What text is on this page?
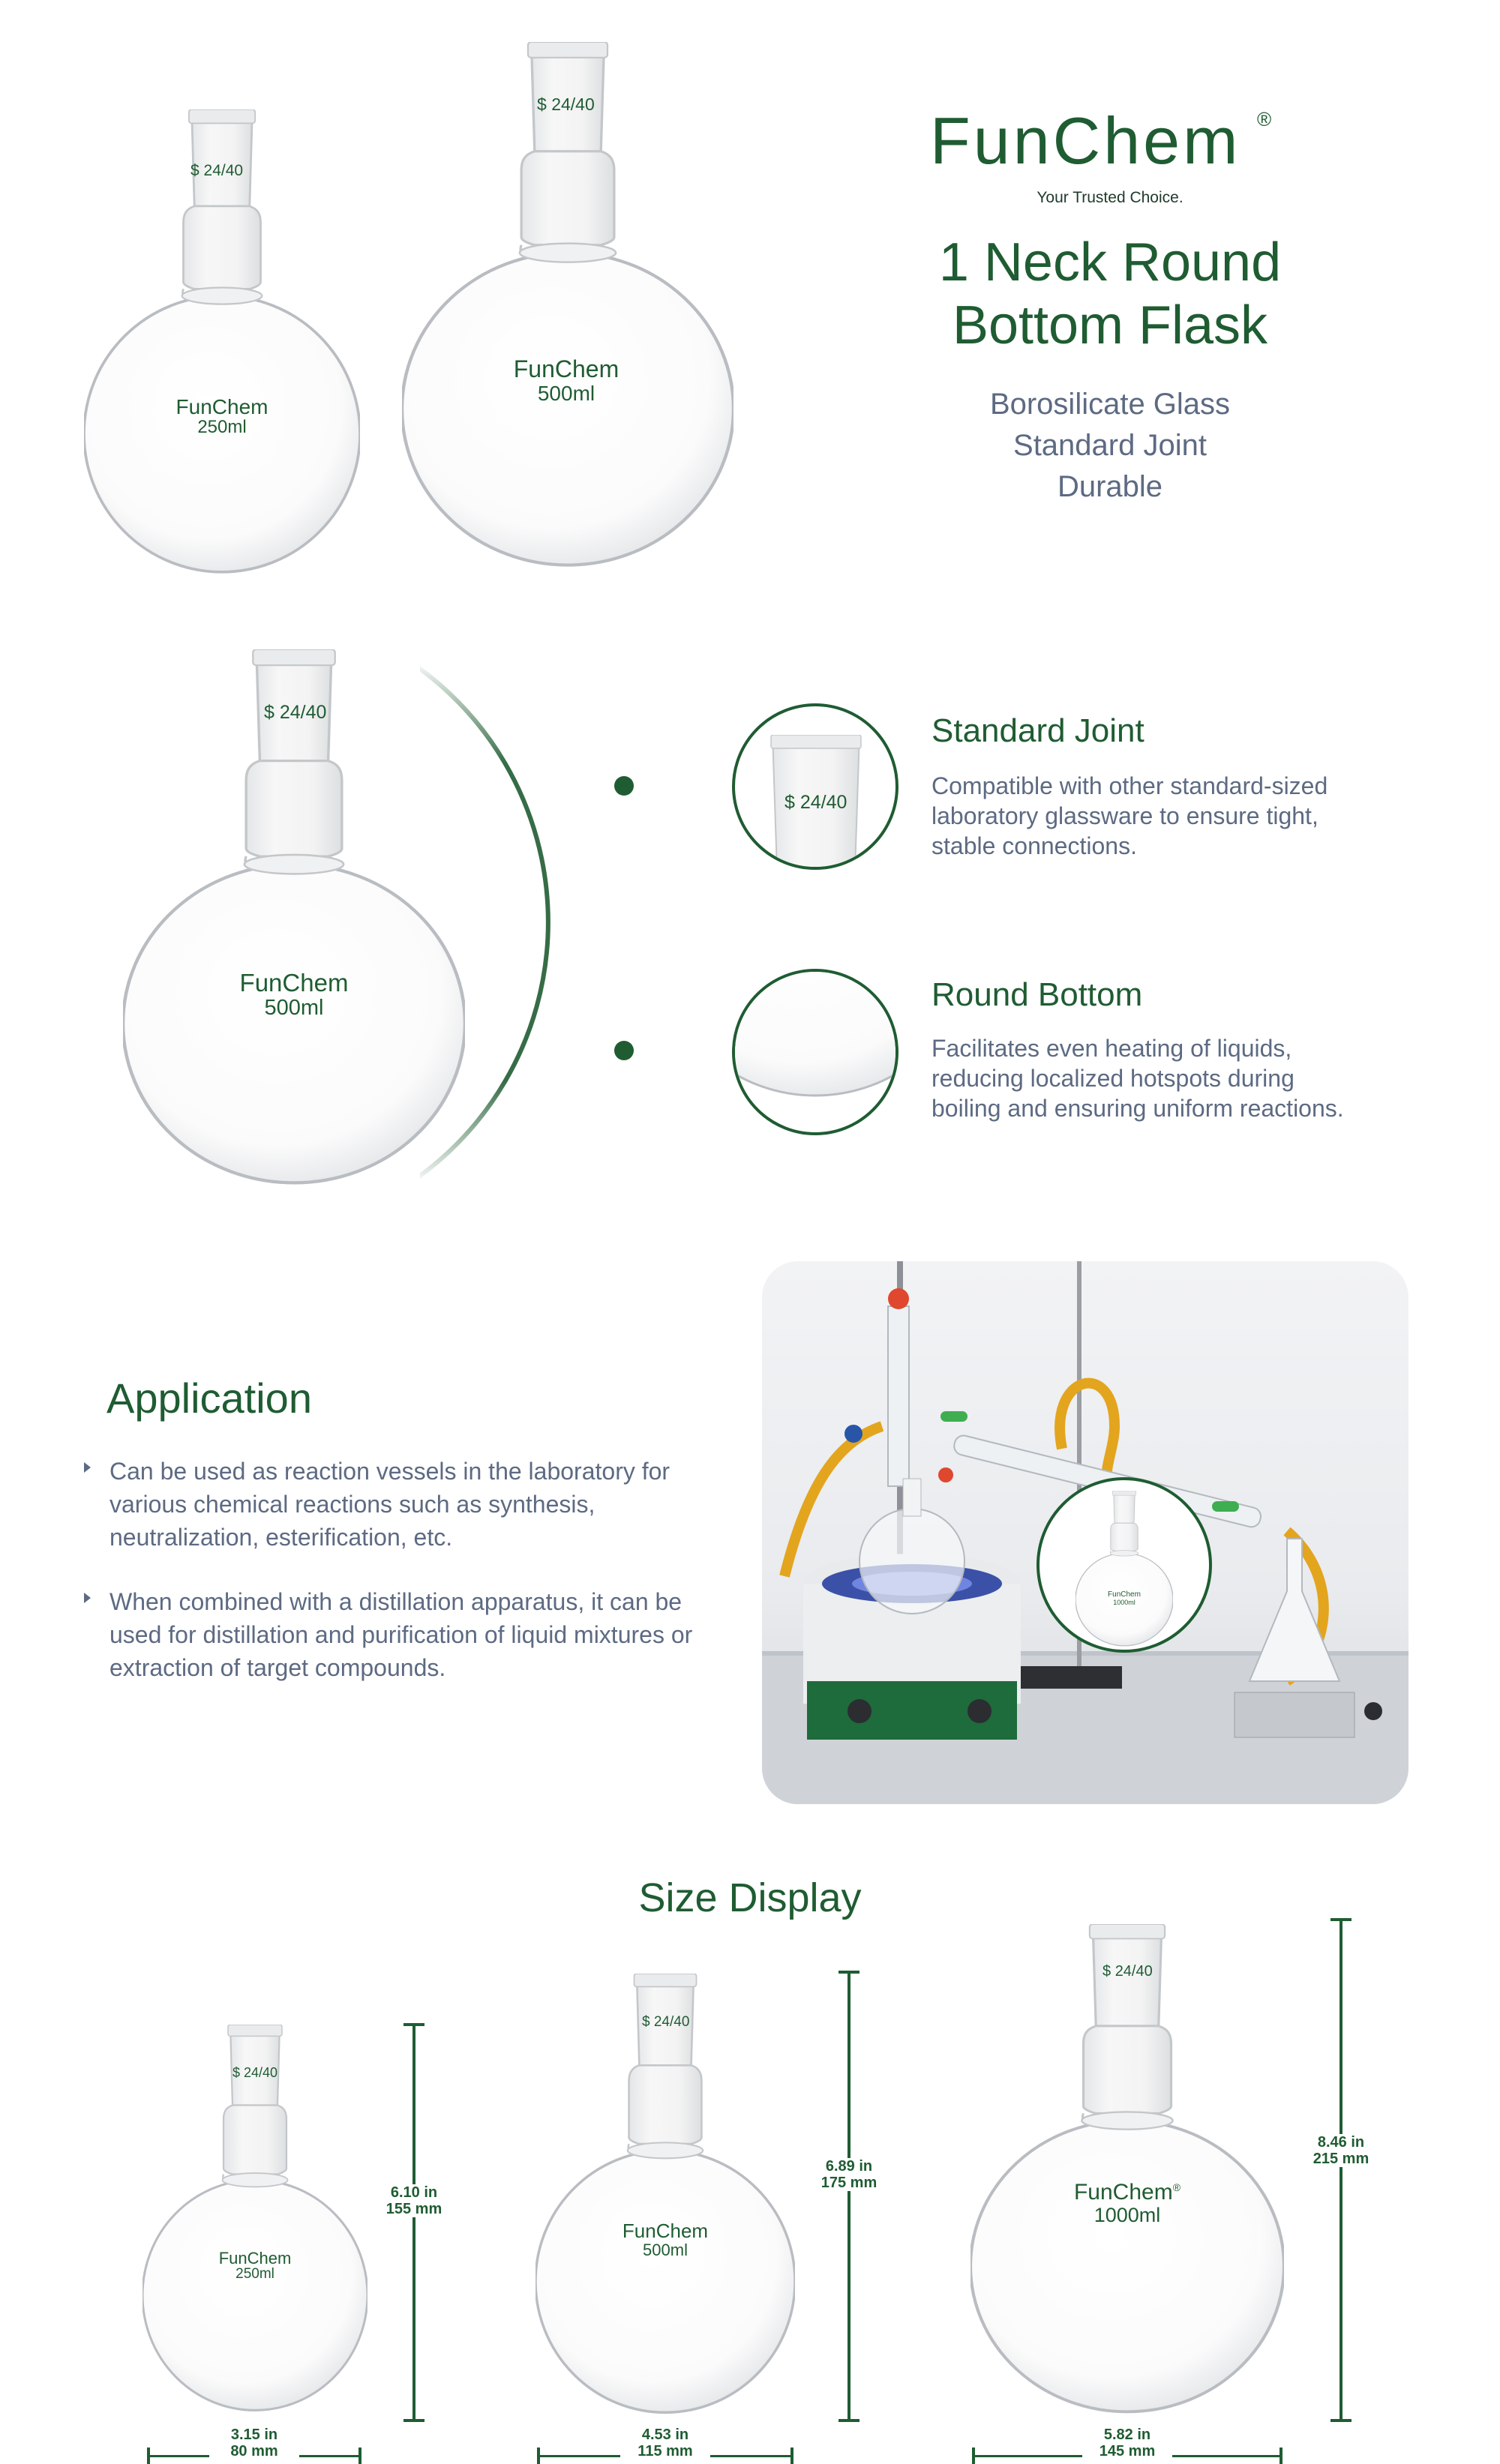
$ 24/40
FunChem
250ml
$ 24/40
FunChem
500ml
FunChem ®
Your Trusted Choice.
1 Neck Round
Bottom Flask
Borosilicate Glass
Standard Joint
Durable
$ 24/40
FunChem
500ml
$ 24/40
Standard Joint
Compatible with other standard-sized
laboratory glassware to ensure tight,
stable connections.
Round Bottom
Facilitates even heating of liquids,
reducing localized hotspots during
boiling and ensuring uniform reactions.
Application
Can be used as reaction vessels in the laboratory for
various chemical reactions such as synthesis,
neutralization, esterification, etc.
When combined with a distillation apparatus, it can be
used for distillation and purification of liquid mixtures or
extraction of target compounds.
FunChem
1000ml
Size Display
$ 24/40
FunChem
250ml
6.10 in
155 mm
3.15 in
80 mm
$ 24/40
FunChem
500ml
6.89 in
175 mm
4.53 in
115 mm
$ 24/40
FunChem®
1000ml
8.46 in
215 mm
5.82 in
145 mm
